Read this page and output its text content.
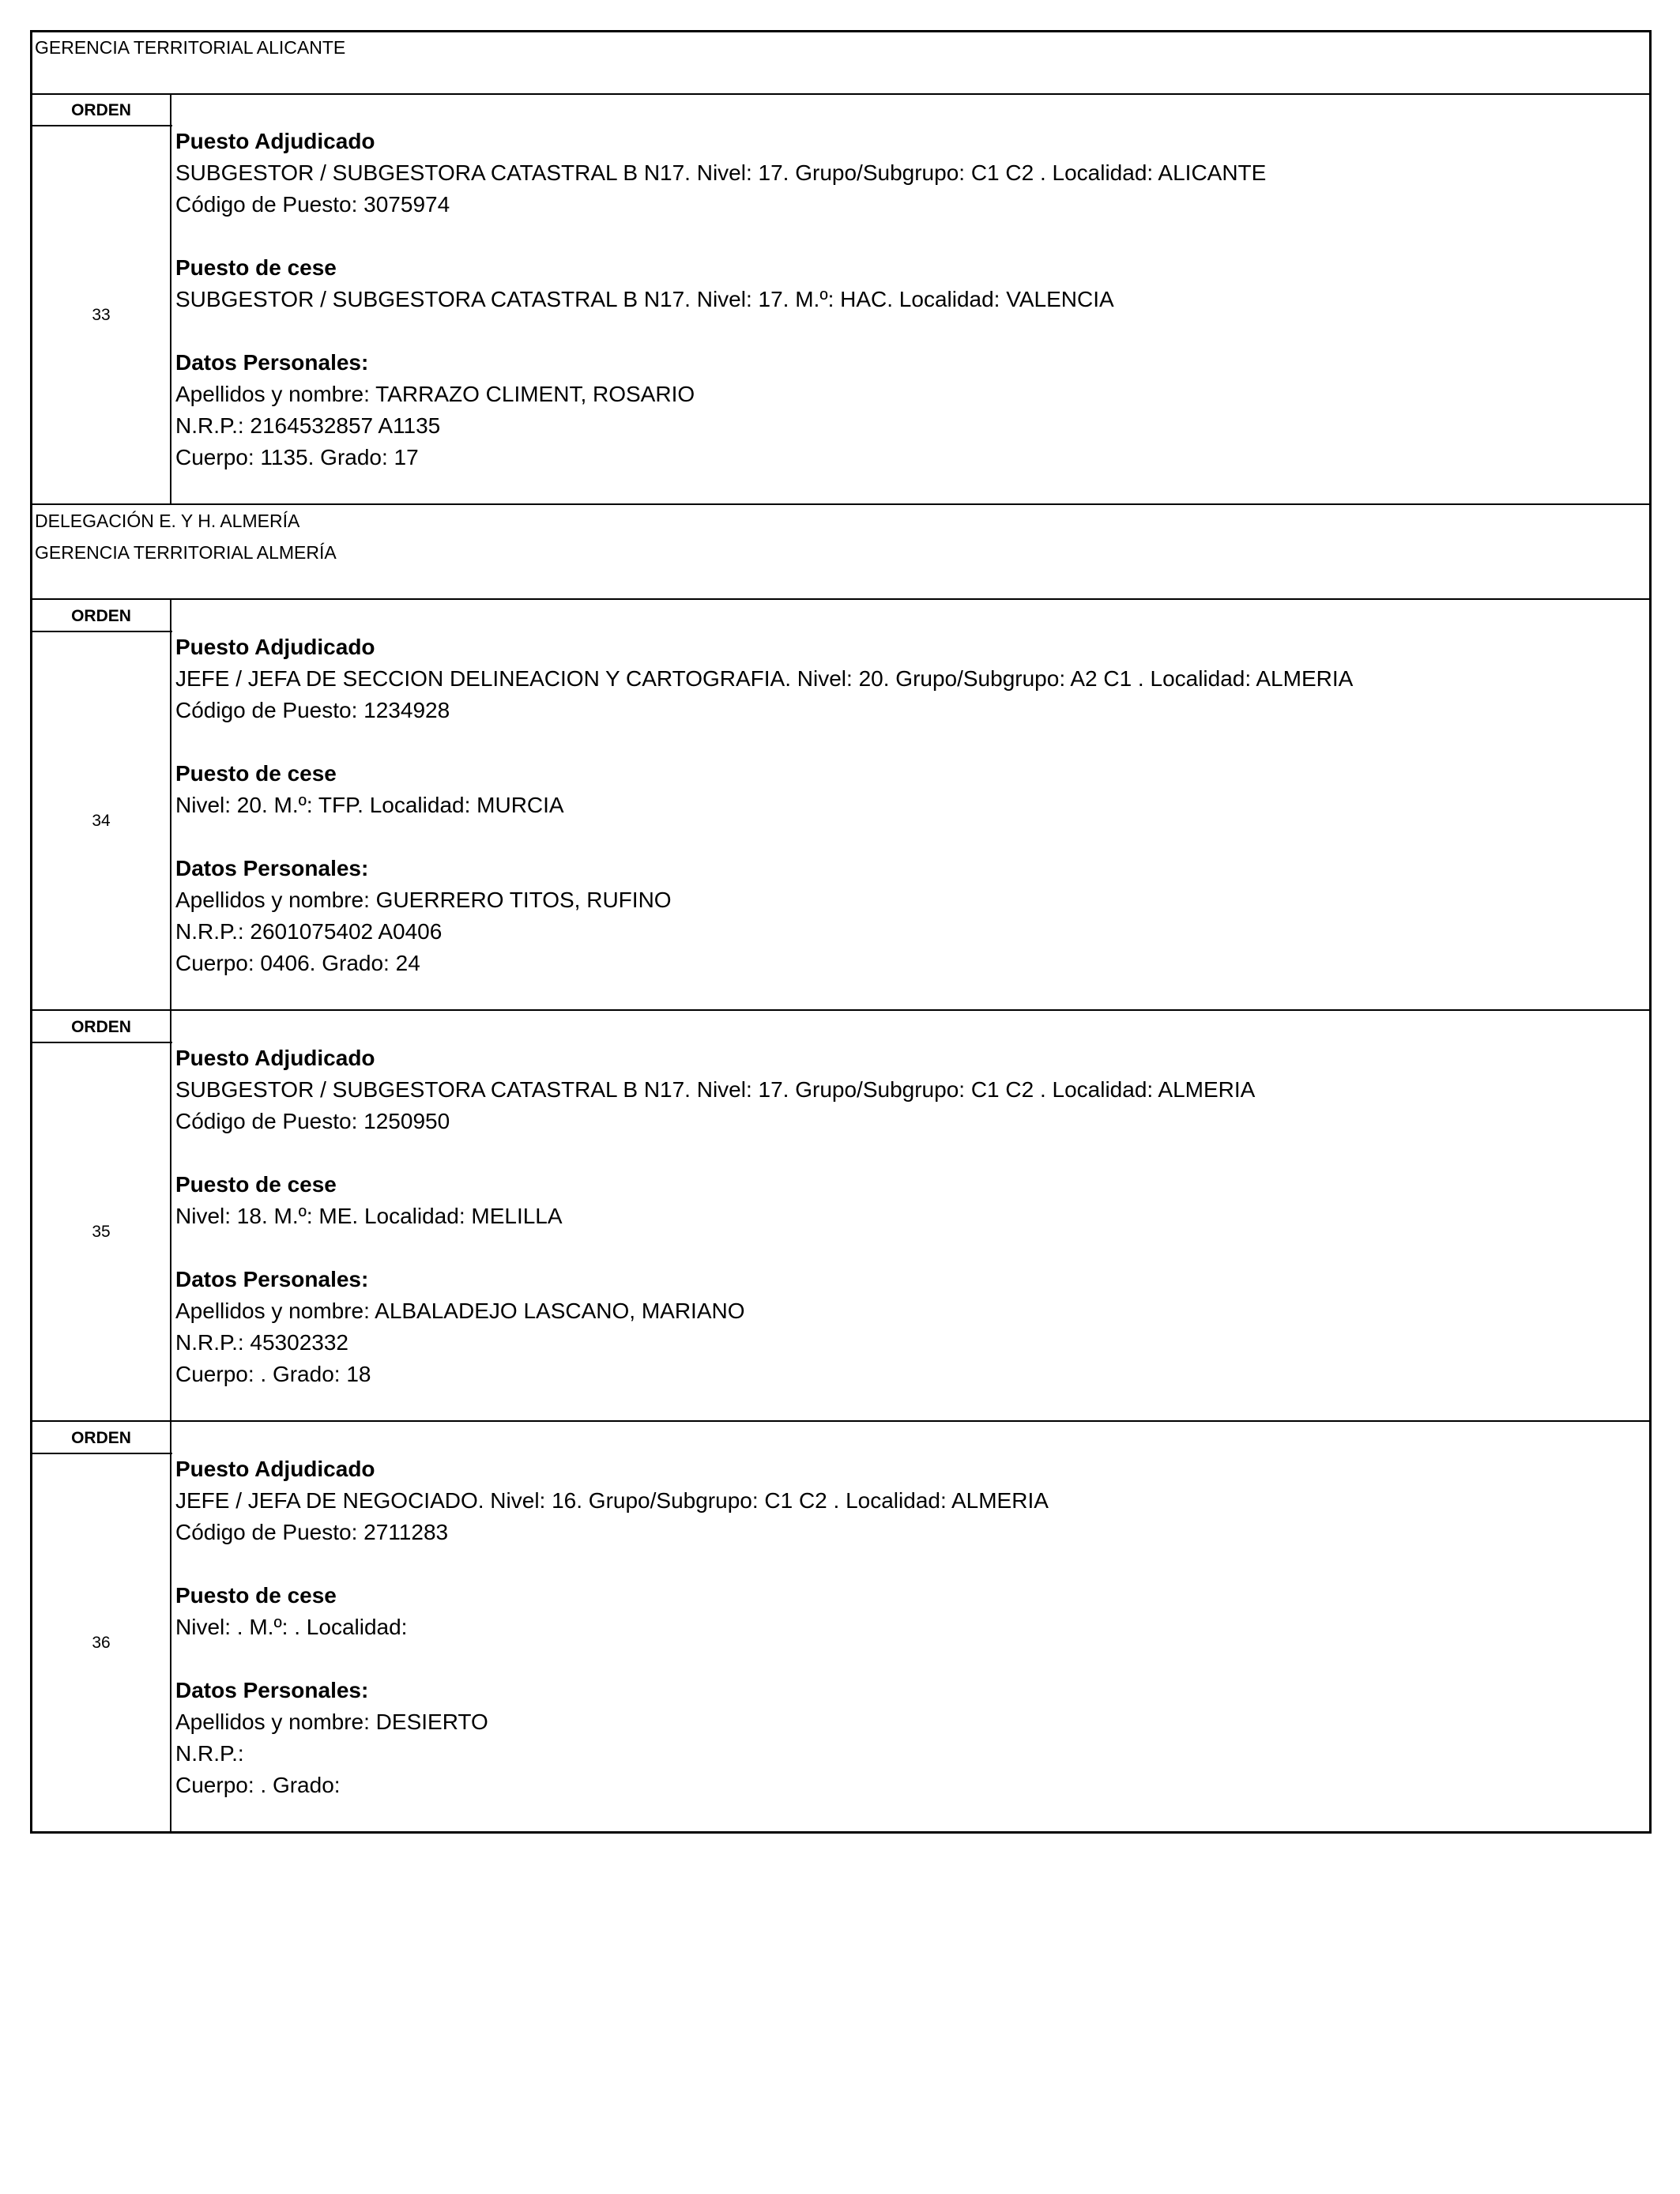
GERENCIA TERRITORIAL ALICANTE
ORDEN
33
Puesto Adjudicado
SUBGESTOR / SUBGESTORA CATASTRAL B N17. Nivel: 17. Grupo/Subgrupo: C1 C2 . Localidad: ALICANTE
Código de Puesto: 3075974
Puesto de cese
SUBGESTOR / SUBGESTORA CATASTRAL B N17. Nivel: 17. M.º: HAC. Localidad: VALENCIA
Datos Personales:
Apellidos y nombre: TARRAZO CLIMENT, ROSARIO
N.R.P.: 2164532857 A1135
Cuerpo: 1135. Grado: 17
DELEGACIÓN E. Y H. ALMERÍA
GERENCIA TERRITORIAL ALMERÍA
ORDEN
34
Puesto Adjudicado
JEFE / JEFA DE SECCION DELINEACION Y CARTOGRAFIA. Nivel: 20. Grupo/Subgrupo: A2 C1 . Localidad: ALMERIA
Código de Puesto: 1234928
Puesto de cese
Nivel: 20. M.º: TFP. Localidad: MURCIA
Datos Personales:
Apellidos y nombre: GUERRERO TITOS, RUFINO
N.R.P.: 2601075402 A0406
Cuerpo: 0406. Grado: 24
ORDEN
35
Puesto Adjudicado
SUBGESTOR / SUBGESTORA CATASTRAL B N17. Nivel: 17. Grupo/Subgrupo: C1 C2 . Localidad: ALMERIA
Código de Puesto: 1250950
Puesto de cese
Nivel: 18. M.º: ME. Localidad: MELILLA
Datos Personales:
Apellidos y nombre: ALBALADEJO LASCANO, MARIANO
N.R.P.: 45302332
Cuerpo: . Grado: 18
ORDEN
36
Puesto Adjudicado
JEFE / JEFA DE NEGOCIADO. Nivel: 16. Grupo/Subgrupo: C1 C2 . Localidad: ALMERIA
Código de Puesto: 2711283
Puesto de cese
Nivel: . M.º: . Localidad:
Datos Personales:
Apellidos y nombre: DESIERTO
N.R.P.:
Cuerpo: . Grado:
